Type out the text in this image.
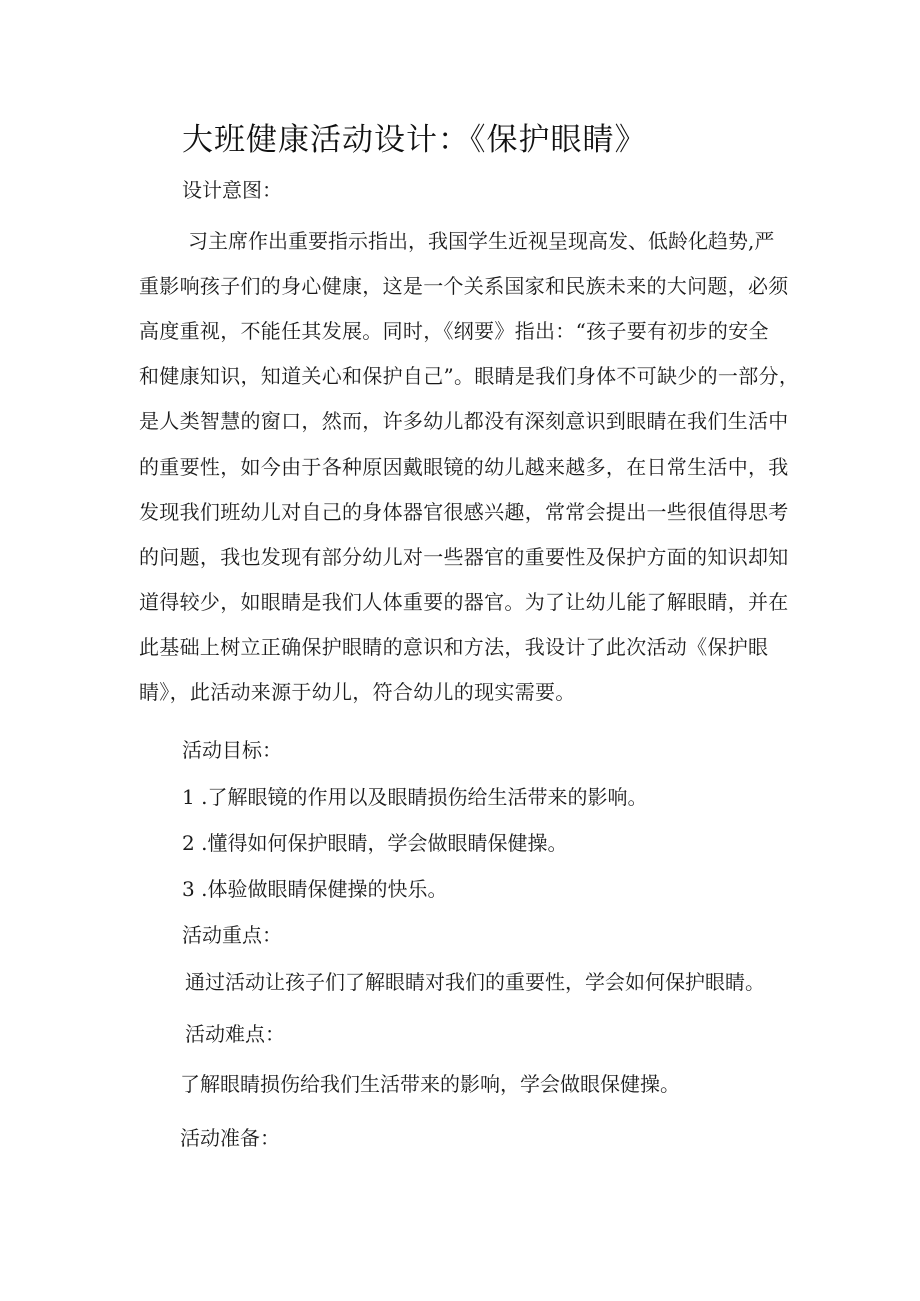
大班健康活动设计：《保护眼睛》
设计意图：
习主席作出重要指示指出，我国学生近视呈现高发、低龄化趋势,严
重影响孩子们的身心健康，这是一个关系国家和民族未来的大问题，必须
高度重视，不能任其发展。同时，《纲要》指出：“孩子要有初步的安全
和健康知识，知道关心和保护自己”。眼睛是我们身体不可缺少的一部分，
是人类智慧的窗口，然而，许多幼儿都没有深刻意识到眼睛在我们生活中
的重要性，如今由于各种原因戴眼镜的幼儿越来越多，在日常生活中，我
发现我们班幼儿对自己的身体器官很感兴趣，常常会提出一些很值得思考
的问题，我也发现有部分幼儿对一些器官的重要性及保护方面的知识却知
道得较少，如眼睛是我们人体重要的器官。为了让幼儿能了解眼睛，并在
此基础上树立正确保护眼睛的意识和方法，我设计了此次活动《保护眼
睛》，此活动来源于幼儿，符合幼儿的现实需要。
活动目标：
1 .了解眼镜的作用以及眼睛损伤给生活带来的影响。
2 .懂得如何保护眼睛，学会做眼睛保健操。
3 .体验做眼睛保健操的快乐。
活动重点：
通过活动让孩子们了解眼睛对我们的重要性，学会如何保护眼睛。
活动难点：
了解眼睛损伤给我们生活带来的影响，学会做眼保健操。
活动准备：
